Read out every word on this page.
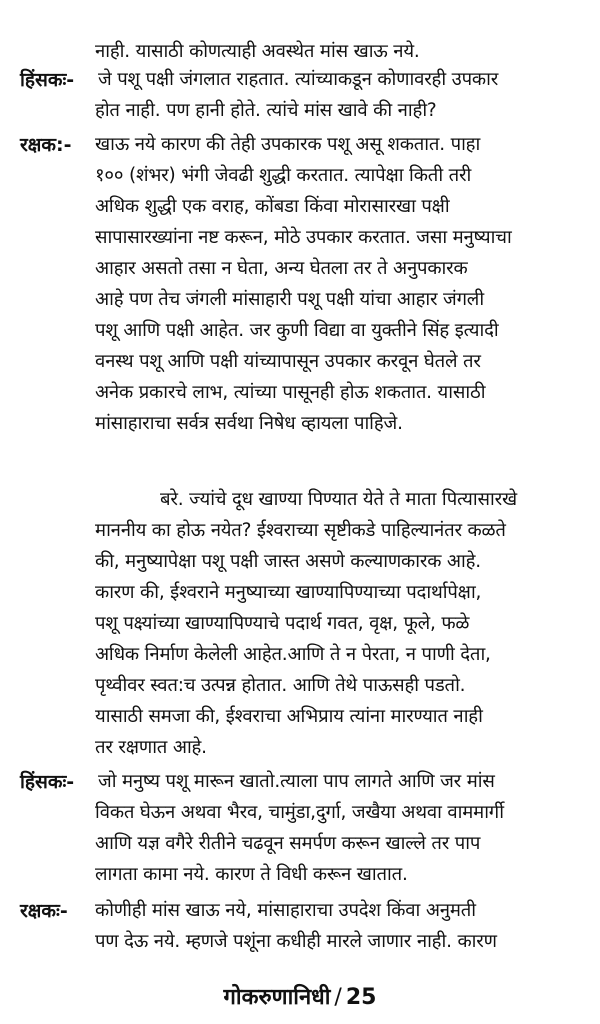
नाही. यासाठी कोणत्याही अवस्थेत मांस खाऊ नये.
हिंसकः- जे पशू पक्षी जंगलात राहतात. त्यांच्याकडून कोणावरही उपकार
होत नाही. पण हानी होते. त्यांचे मांस खावे की नाही?
रक्षक:- खाऊ नये कारण की तेही उपकारक पशू असू शकतात. पाहा
१०० (शंभर) भंगी जेवढी शुद्धी करतात. त्यापेक्षा किती तरी
अधिक शुद्धी एक वराह, कोंबडा किंवा मोरासारखा पक्षी
सापासारख्यांना नष्ट करून, मोठे उपकार करतात. जसा मनुष्याचा
आहार असतो तसा न घेता, अन्य घेतला तर ते अनुपकारक
आहे पण तेच जंगली मांसाहारी पशू पक्षी यांचा आहार जंगली
पशू आणि पक्षी आहेत. जर कुणी विद्या वा युक्तीने सिंह इत्यादी
वनस्थ पशू आणि पक्षी यांच्यापासून उपकार करवून घेतले तर
अनेक प्रकारचे लाभ, त्यांच्या पासूनही होऊ शकतात. यासाठी
मांसाहाराचा सर्वत्र सर्वथा निषेध व्हायला पाहिजे.
बरे. ज्यांचे दूध खाण्या पिण्यात येते ते माता पित्यासारखे
माननीय का होऊ नयेत? ईश्वराच्या सृष्टीकडे पाहिल्यानंतर कळते
की, मनुष्यापेक्षा पशू पक्षी जास्त असणे कल्याणकारक आहे.
कारण की, ईश्वराने मनुष्याच्या खाण्यापिण्याच्या पदार्थापेक्षा,
पशू पक्ष्यांच्या खाण्यापिण्याचे पदार्थ गवत, वृक्ष, फूले, फळे
अधिक निर्माण केलेली आहेत.आणि ते न पेरता, न पाणी देता,
पृथ्वीवर स्वत:च उत्पन्न होतात. आणि तेथे पाऊसही पडतो.
यासाठी समजा की, ईश्वराचा अभिप्राय त्यांना मारण्यात नाही
तर रक्षणात आहे.
हिंसकः- जो मनुष्य पशू मारून खातो.त्याला पाप लागते आणि जर मांस
विकत घेऊन अथवा भैरव, चामुंडा,दुर्गा, जखैया अथवा वाममार्गी
आणि यज्ञ वगैरे रीतीने चढवून समर्पण करून खाल्ले तर पाप
लागता कामा नये. कारण ते विधी करून खातात.
रक्षकः- कोणीही मांस खाऊ नये, मांसाहाराचा उपदेश किंवा अनुमती
पण देऊ नये. म्हणजे पशूंना कधीही मारले जाणार नाही. कारण
गोकरुणानिधी / 25
